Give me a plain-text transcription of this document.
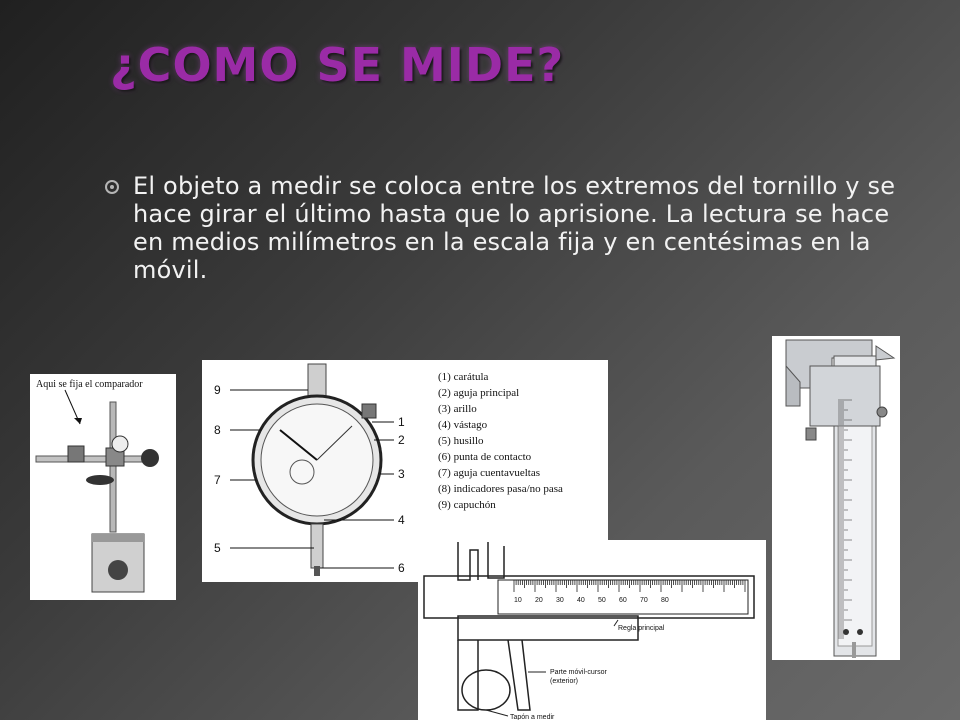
¿COMO SE MIDE?

El objeto a medir se coloca entre los extremos del tornillo y se hace girar el último hasta que lo aprisione. La lectura se hace en medios milímetros en la escala fija y en centésimas en la móvil.

Aqui se fija el comparador	9
8
7
5
1
2
3
4
6
(1) carátula
(2) aguja principal
(3) arillo
(4) vástago
(5) husillo
(6) punta de contacto
(7) aguja cuentavueltas
(8) indicadores pasa/no pasa
(9) capuchón
10 20 30 40 50 60 70 80
Regla principal
Parte móvil-cursor
(exterior)
Tapón a medir
